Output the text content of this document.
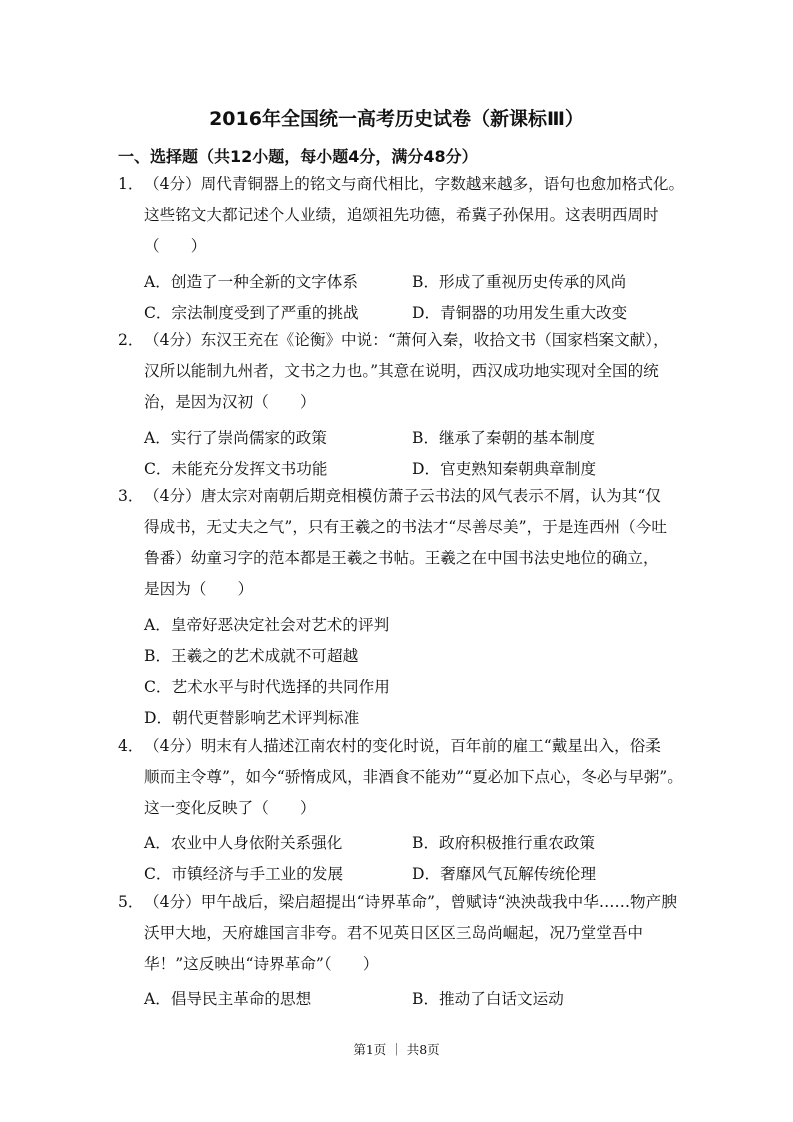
2016年全国统一高考历史试卷（新课标Ⅲ）
一、选择题（共12小题，每小题4分，满分48分）
1． （4分）周代青铜器上的铭文与商代相比，字数越来越多，语句也愈加格式化。
这些铭文大都记述个人业绩，追颂祖先功德，希冀子孙保用。这表明西周时
（　　）
A．创造了一种全新的文字体系	B．形成了重视历史传承的风尚
C．宗法制度受到了严重的挑战	D．青铜器的功用发生重大改变
2． （4分）东汉王充在《论衡》中说：“萧何入秦，收拾文书（国家档案文献），
汉所以能制九州者，文书之力也。”其意在说明，西汉成功地实现对全国的统
治，是因为汉初（　　）
A．实行了崇尚儒家的政策	B．继承了秦朝的基本制度
C．未能充分发挥文书功能	D．官吏熟知秦朝典章制度
3． （4分）唐太宗对南朝后期竞相模仿萧子云书法的风气表示不屑，认为其“仅
得成书，无丈夫之气”，只有王羲之的书法才“尽善尽美”，于是连西州（今吐
鲁番）幼童习字的范本都是王羲之书帖。王羲之在中国书法史地位的确立，
是因为（　　）
A．皇帝好恶决定社会对艺术的评判
B．王羲之的艺术成就不可超越
C．艺术水平与时代选择的共同作用
D．朝代更替影响艺术评判标准
4． （4分）明末有人描述江南农村的变化时说，百年前的雇工“戴星出入，俗柔
顺而主令尊”，如今“骄惰成风，非酒食不能劝”“夏必加下点心，冬必与早粥”。
这一变化反映了（　　）
A．农业中人身依附关系强化	B．政府积极推行重农政策
C．市镇经济与手工业的发展	D．奢靡风气瓦解传统伦理
5． （4分）甲午战后，梁启超提出“诗界革命”，曾赋诗“泱泱哉我中华……物产腴
沃甲大地，天府雄国言非夸。君不见英日区区三岛尚崛起，况乃堂堂吾中
华！”这反映出“诗界革命”（　　）
A．倡导民主革命的思想	B．推动了白话文运动
第1页 ｜ 共8页
